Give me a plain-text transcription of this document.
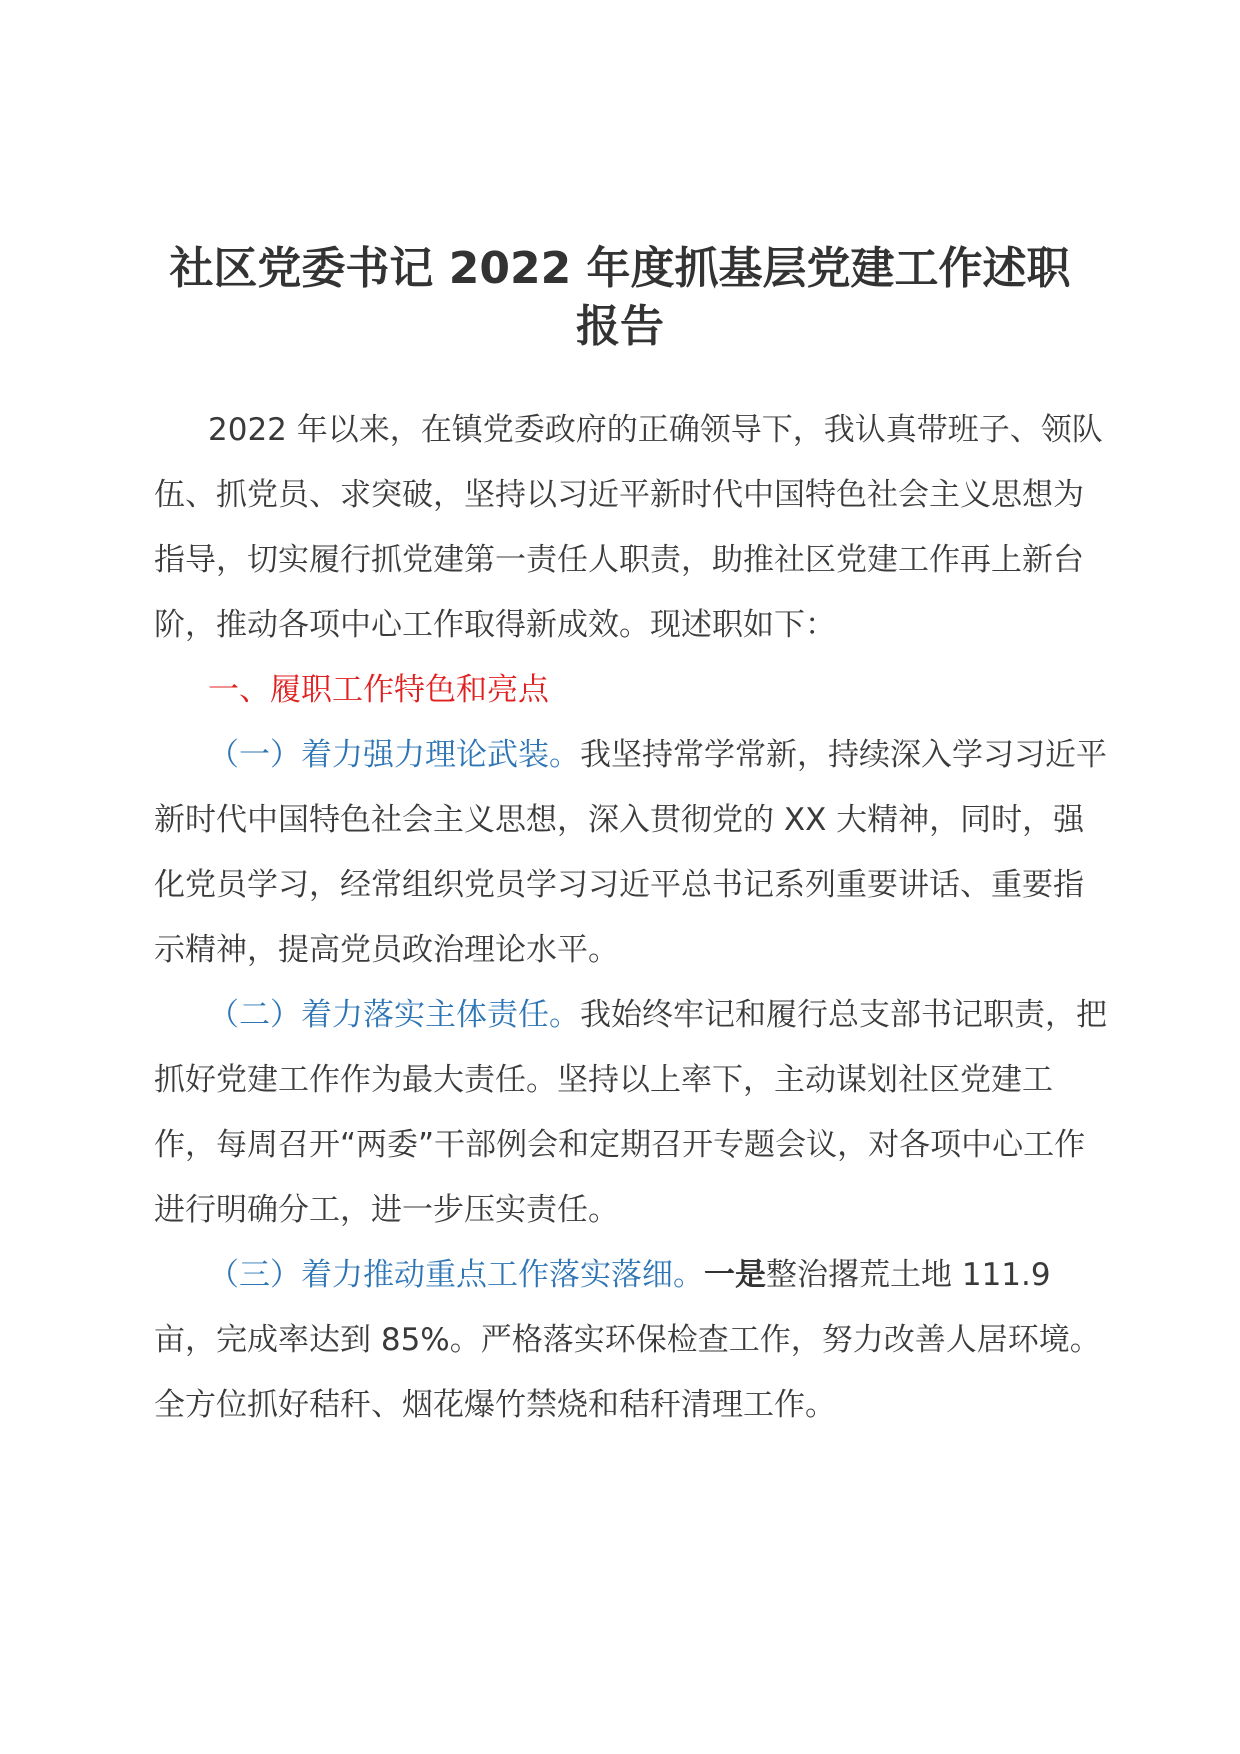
社区党委书记 2022 年度抓基层党建工作述职
报告

2022 年以来，在镇党委政府的正确领导下，我认真带班子、领队伍、抓党员、求突破，坚持以习近平新时代中国特色社会主义思想为指导，切实履行抓党建第一责任人职责，助推社区党建工作再上新台阶，推动各项中心工作取得新成效。现述职如下：

一、履职工作特色和亮点

（一）着力强力理论武装。我坚持常学常新，持续深入学习习近平新时代中国特色社会主义思想，深入贯彻党的 XX 大精神，同时，强化党员学习，经常组织党员学习习近平总书记系列重要讲话、重要指示精神，提高党员政治理论水平。

（二）着力落实主体责任。我始终牢记和履行总支部书记职责，把抓好党建工作作为最大责任。坚持以上率下，主动谋划社区党建工作，每周召开“两委”干部例会和定期召开专题会议，对各项中心工作进行明确分工，进一步压实责任。

（三）着力推动重点工作落实落细。一是整治撂荒土地 111.9 亩，完成率达到 85%。严格落实环保检查工作，努力改善人居环境。全方位抓好秸秆、烟花爆竹禁烧和秸秆清理工作。
